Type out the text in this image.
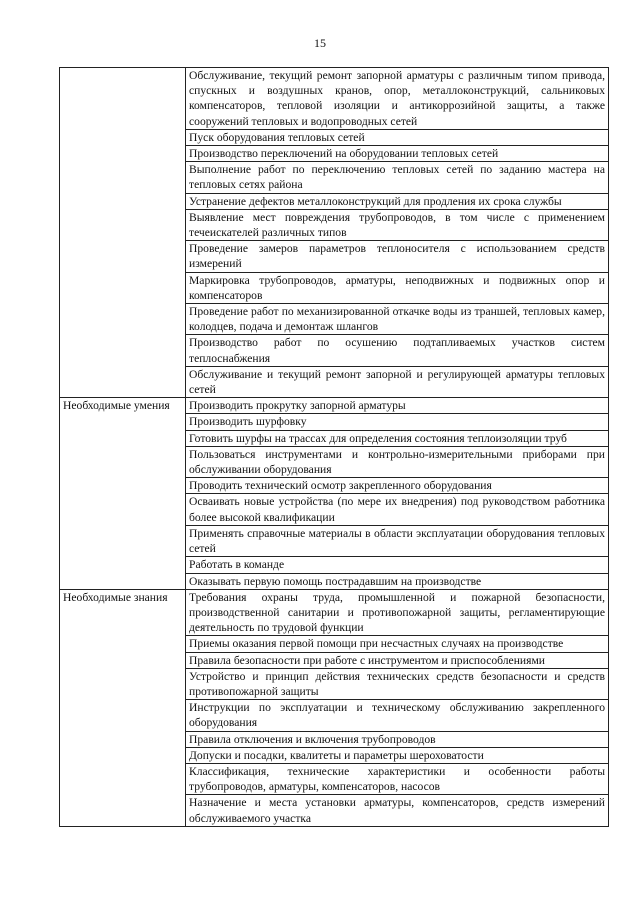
15
	Обслуживание, текущий ремонт запорной арматуры с различным типом привода, спускных и воздушных кранов, опор, металлоконструкций, сальниковых компенсаторов, тепловой изоляции и антикоррозийной защиты, а также сооружений тепловых и водопроводных сетей
	Пуск оборудования тепловых сетей
	Производство переключений на оборудовании тепловых сетей
	Выполнение работ по переключению тепловых сетей по заданию мастера на тепловых сетях района
	Устранение дефектов металлоконструкций для продления их срока службы
	Выявление мест повреждения трубопроводов, в том числе с применением течеискателей различных типов
	Проведение замеров параметров теплоносителя с использованием средств измерений
	Маркировка трубопроводов, арматуры, неподвижных и подвижных опор и компенсаторов
	Проведение работ по механизированной откачке воды из траншей, тепловых камер, колодцев, подача и демонтаж шлангов
	Производство работ по осушению подтапливаемых участков систем теплоснабжения
	Обслуживание и текущий ремонт запорной и регулирующей арматуры тепловых сетей
Необходимые умения	Производить прокрутку запорной арматуры
	Производить шурфовку
	Готовить шурфы на трассах для определения состояния теплоизоляции труб
	Пользоваться инструментами и контрольно-измерительными приборами при обслуживании оборудования
	Проводить технический осмотр закрепленного оборудования
	Осваивать новые устройства (по мере их внедрения) под руководством работника более высокой квалификации
	Применять справочные материалы в области эксплуатации оборудования тепловых сетей
	Работать в команде
	Оказывать первую помощь пострадавшим на производстве
Необходимые знания	Требования охраны труда, промышленной и пожарной безопасности, производственной санитарии и противопожарной защиты, регламентирующие деятельность по трудовой функции
	Приемы оказания первой помощи при несчастных случаях на производстве
	Правила безопасности при работе с инструментом и приспособлениями
	Устройство и принцип действия технических средств безопасности и средств противопожарной защиты
	Инструкции по эксплуатации и техническому обслуживанию закрепленного оборудования
	Правила отключения и включения трубопроводов
	Допуски и посадки, квалитеты и параметры шероховатости
	Классификация, технические характеристики и особенности работы трубопроводов, арматуры, компенсаторов, насосов
	Назначение и места установки арматуры, компенсаторов, средств измерений обслуживаемого участка
